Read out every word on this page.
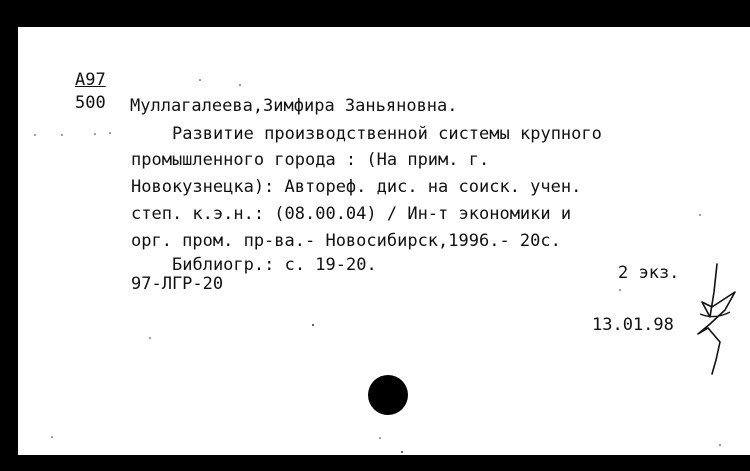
А97
500 Муллагалеева,Зимфира Заньяновна.
Развитие производственной системы крупного
промышленного города : (На прим. г.
Новокузнецка): Автореф. дис. на соиск. учен.
степ. к.э.н.: (08.00.04) / Ин-т экономики и
орг. пром. пр-ва.- Новосибирск,1996.- 20с.
Библиогр.: с. 19-20.	2 экз.
97-ЛГР-20
13.01.98
